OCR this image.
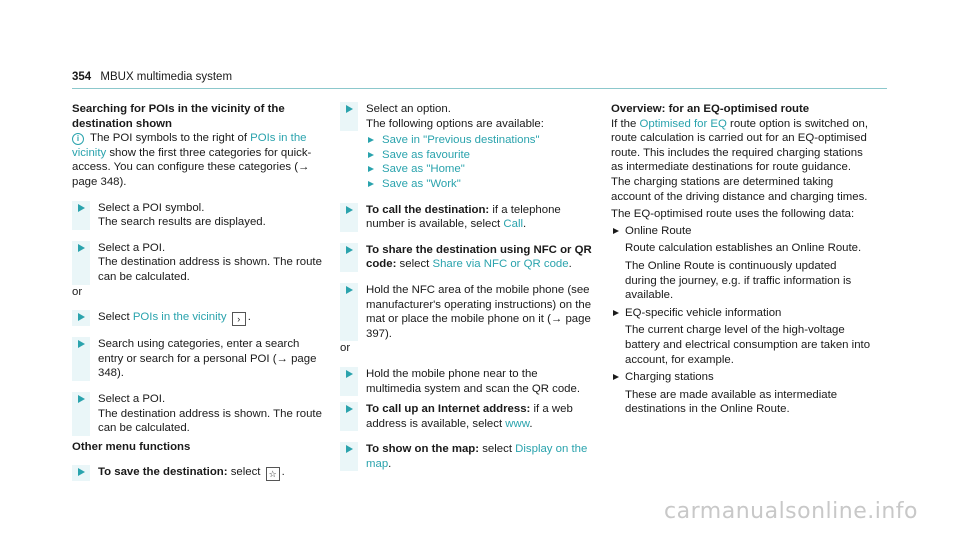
354 MBUX multimedia system
Searching for POIs in the vicinity of the destination shown
i The POI symbols to the right of POIs in the vicinity show the first three categories for quick-access. You can configure these categories (→ page 348).
Select a POI symbol.
The search results are displayed.
Select a POI.
The destination address is shown. The route can be calculated.
or
Select POIs in the vicinity › .
Search using categories, enter a search entry or search for a personal POI (→ page 348).
Select a POI.
The destination address is shown. The route can be calculated.
Other menu functions
To save the destination: select ☆ .
Select an option.
The following options are available:
Save in "Previous destinations"
Save as favourite
Save as "Home"
Save as "Work"
To call the destination: if a telephone number is available, select Call.
To share the destination using NFC or QR code: select Share via NFC or QR code.
Hold the NFC area of the mobile phone (see manufacturer's operating instructions) on the mat or place the mobile phone on it (→ page 397).
or
Hold the mobile phone near to the multimedia system and scan the QR code.
To call up an Internet address: if a web address is available, select www.
To show on the map: select Display on the map.
Overview: for an EQ-optimised route
If the Optimised for EQ route option is switched on, route calculation is carried out for an EQ-optimised route. This includes the required charging stations as intermediate destinations for route guidance. The charging stations are determined taking account of the driving distance and charging times.
The EQ-optimised route uses the following data:
Online Route
Route calculation establishes an Online Route.
The Online Route is continuously updated during the journey, e.g. if traffic information is available.
EQ-specific vehicle information
The current charge level of the high-voltage battery and electrical consumption are taken into account, for example.
Charging stations
These are made available as intermediate destinations in the Online Route.
carmanualsonline.info
